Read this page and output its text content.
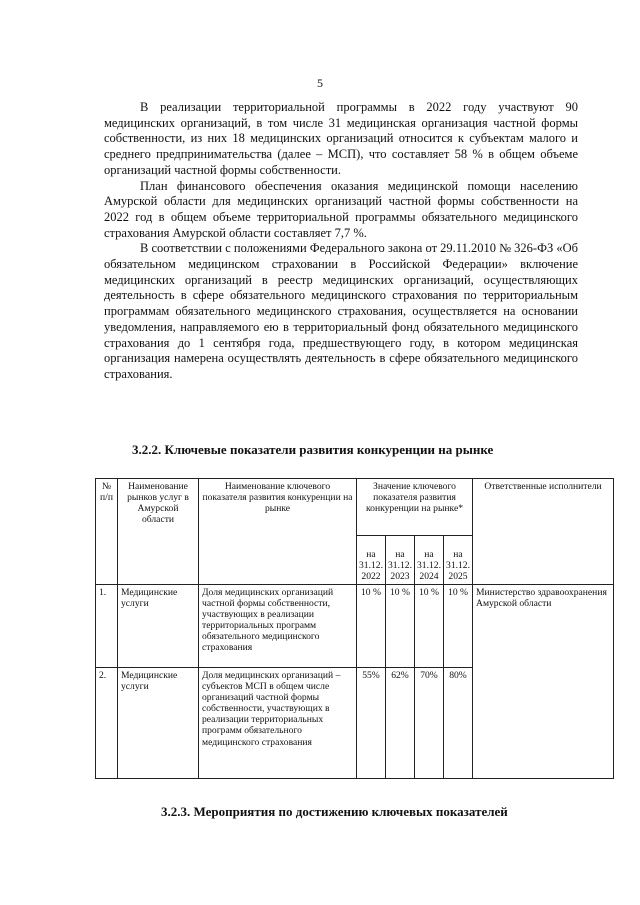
5

В реализации территориальной программы в 2022 году участвуют 90 медицинских организаций, в том числе 31 медицинская организация частной формы собственности, из них 18 медицинских организаций относится к субъектам малого и среднего предпринимательства (далее – МСП), что составляет 58 % в общем объеме организаций частной формы собственности.

План финансового обеспечения оказания медицинской помощи населению Амурской области для медицинских организаций частной формы собственности на 2022 год в общем объеме территориальной программы обязательного медицинского страхования Амурской области составляет 7,7 %.

В соответствии с положениями Федерального закона от 29.11.2010 № 326-ФЗ «Об обязательном медицинском страховании в Российской Федерации» включение медицинских организаций в реестр медицинских организаций, осуществляющих деятельность в сфере обязательного медицинского страхования по территориальным программам обязательного медицинского страхования, осуществляется на основании уведомления, направляемого ею в территориальный фонд обязательного медицинского страхования до 1 сентября года, предшествующего году, в котором медицинская организация намерена осуществлять деятельность в сфере обязательного медицинского страхования.

3.2.2. Ключевые показатели развития конкуренции на рынке
№ п/п	Наименование рынков услуг в Амурской области	Наименование ключевого показателя развития конкуренции на рынке	Значение ключевого показателя развития конкуренции на рынке*				Ответственные исполнители
			на 31.12. 2022	на 31.12. 2023	на 31.12. 2024	на 31.12. 2025	
1.	Медицинские услуги	Доля медицинских организаций частной формы собственности, участвующих в реализации территориальных программ обязательного медицинского страхования	10 %	10 %	10 %	10 %	Министерство здравоохранения Амурской области
2.	Медицинские услуги	Доля медицинских организаций – субъектов МСП в общем числе организаций частной формы собственности, участвующих в реализации территориальных программ обязательного медицинского страхования	55%	62%	70%	80%	
3.2.3. Мероприятия по достижению ключевых показателей
